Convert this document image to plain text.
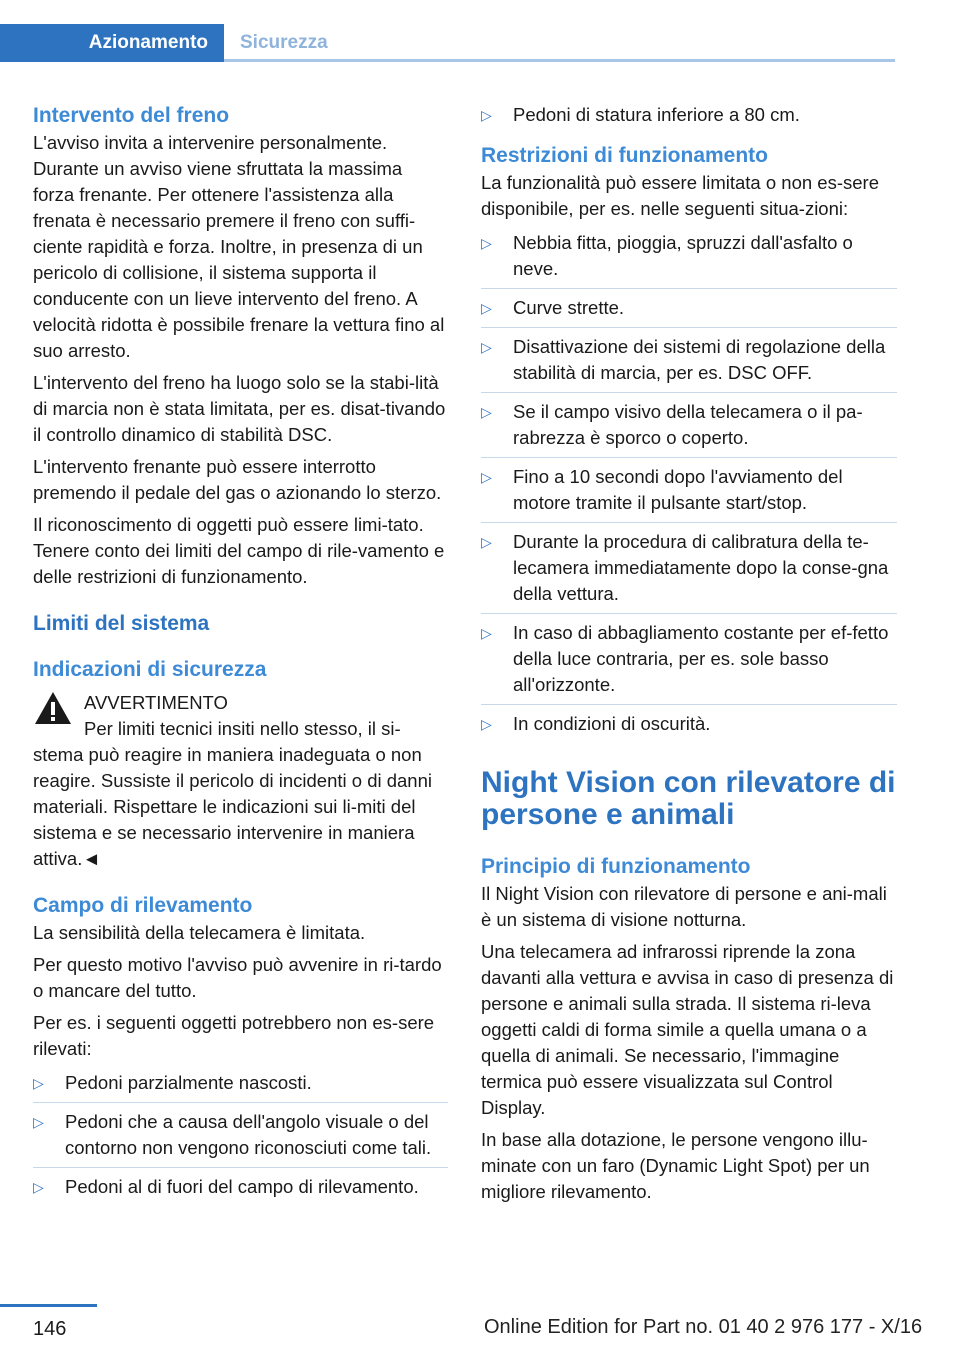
Azionamento	Sicurezza
Intervento del freno

L'avviso invita a intervenire personalmente. Durante un avviso viene sfruttata la massima forza frenante. Per ottenere l'assistenza alla frenata è necessario premere il freno con suffi‐ciente rapidità e forza. Inoltre, in presenza di un pericolo di collisione, il sistema supporta il conducente con un lieve intervento del freno. A velocità ridotta è possibile frenare la vettura fino al suo arresto.

L'intervento del freno ha luogo solo se la stabi‐lità di marcia non è stata limitata, per es. disat‐tivando il controllo dinamico di stabilità DSC.

L'intervento frenante può essere interrotto premendo il pedale del gas o azionando lo sterzo.

Il riconoscimento di oggetti può essere limi‐tato. Tenere conto dei limiti del campo di rile‐vamento e delle restrizioni di funzionamento.

Limiti del sistema
Indicazioni di sicurezza
AVVERTIMENTO

Per limiti tecnici insiti nello stesso, il si‐stema può reagire in maniera inadeguata o non reagire. Sussiste il pericolo di incidenti o di danni materiali. Rispettare le indicazioni sui li‐miti del sistema e se necessario intervenire in maniera attiva.◄

Campo di rilevamento

La sensibilità della telecamera è limitata.

Per questo motivo l'avviso può avvenire in ri‐tardo o mancare del tutto.

Per es. i seguenti oggetti potrebbero non es‐sere rilevati:

▷ Pedoni parzialmente nascosti.
▷ Pedoni che a causa dell'angolo visuale o del contorno non vengono riconosciuti come tali.
▷ Pedoni al di fuori del campo di rilevamento.
▷ Pedoni di statura inferiore a 80 cm.
Restrizioni di funzionamento

La funzionalità può essere limitata o non es‐sere disponibile, per es. nelle seguenti situa‐zioni:

▷ Nebbia fitta, pioggia, spruzzi dall'asfalto o neve.
▷ Curve strette.
▷ Disattivazione dei sistemi di regolazione della stabilità di marcia, per es. DSC OFF.
▷ Se il campo visivo della telecamera o il pa‐rabrezza è sporco o coperto.
▷ Fino a 10 secondi dopo l'avviamento del motore tramite il pulsante start/stop.
▷ Durante la procedura di calibratura della te‐lecamera immediatamente dopo la conse‐gna della vettura.
▷ In caso di abbagliamento costante per ef‐fetto della luce contraria, per es. sole basso all'orizzonte.
▷ In condizioni di oscurità.
Night Vision con rilevatore di persone e animali
Principio di funzionamento

Il Night Vision con rilevatore di persone e ani‐mali è un sistema di visione notturna.

Una telecamera ad infrarossi riprende la zona davanti alla vettura e avvisa in caso di presenza di persone e animali sulla strada. Il sistema ri‐leva oggetti caldi di forma simile a quella umana o a quella di animali. Se necessario, l'immagine termica può essere visualizzata sul Control Display.

In base alla dotazione, le persone vengono illu‐minate con un faro (Dynamic Light Spot) per un migliore rilevamento.

146	Online Edition for Part no. 01 40 2 976 177 - X/16
